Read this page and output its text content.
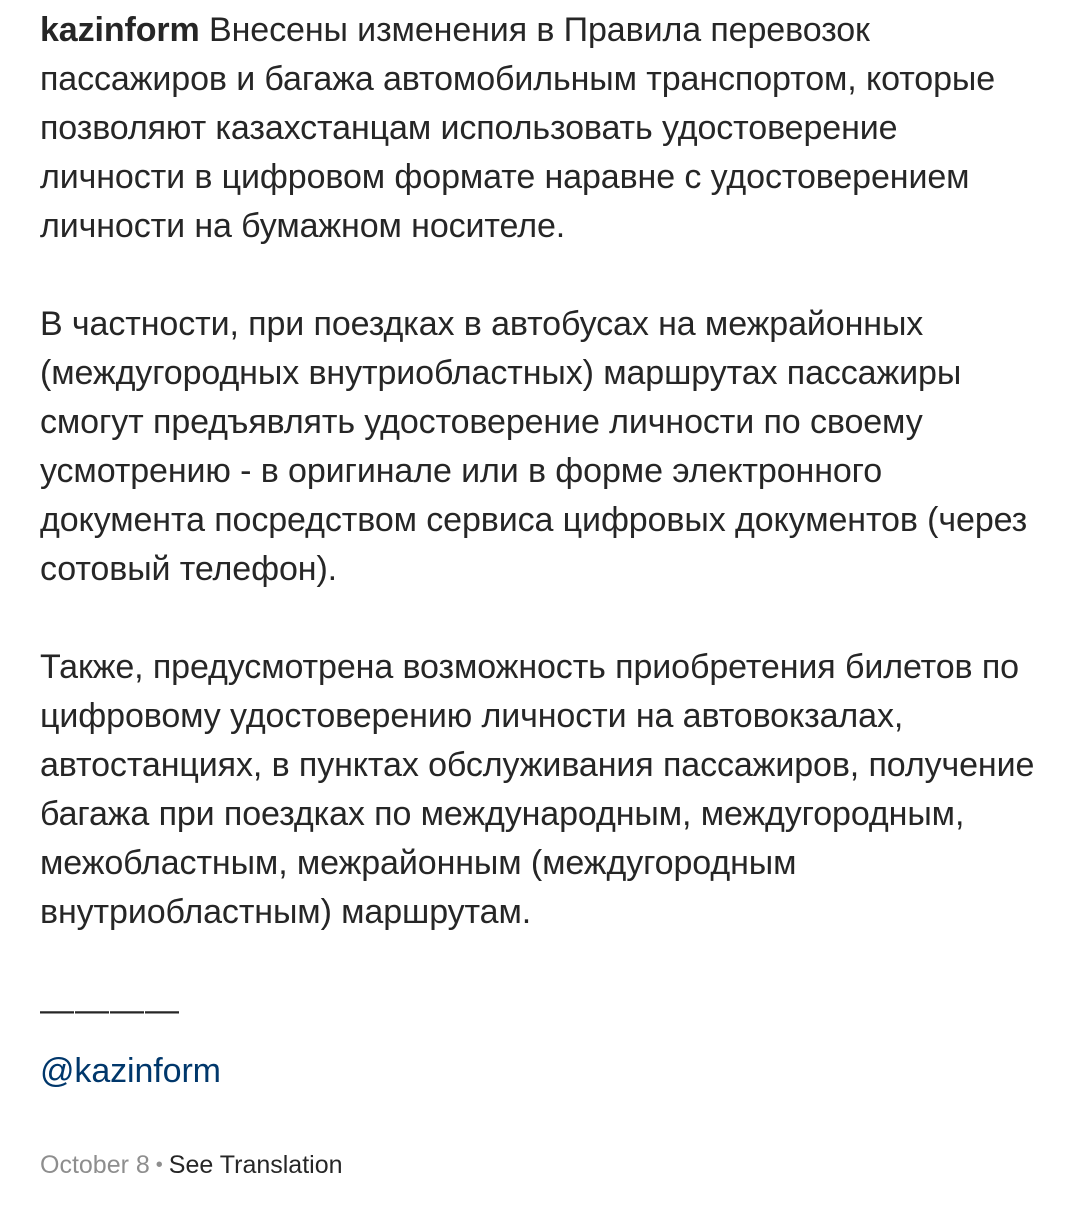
kazinform Внесены изменения в Правила перевозок пассажиров и багажа автомобильным транспортом, которые позволяют казахстанцам использовать удостоверение личности в цифровом формате наравне с удостоверением личности на бумажном носителе.

В частности, при поездках в автобусах на межрайонных (междугородных внутриобластных) маршрутах пассажиры смогут предъявлять удостоверение личности по своему усмотрению - в оригинале или в форме электронного документа посредством сервиса цифровых документов (через сотовый телефон).

Также, предусмотрена возможность приобретения билетов по цифровому удостоверению личности на автовокзалах, автостанциях, в пунктах обслуживания пассажиров, получение багажа при поездках по международным, междугородным, межобластным, межрайонным (междугородным внутриобластным) маршрутам.

————
@kazinform
October 8 • See Translation
